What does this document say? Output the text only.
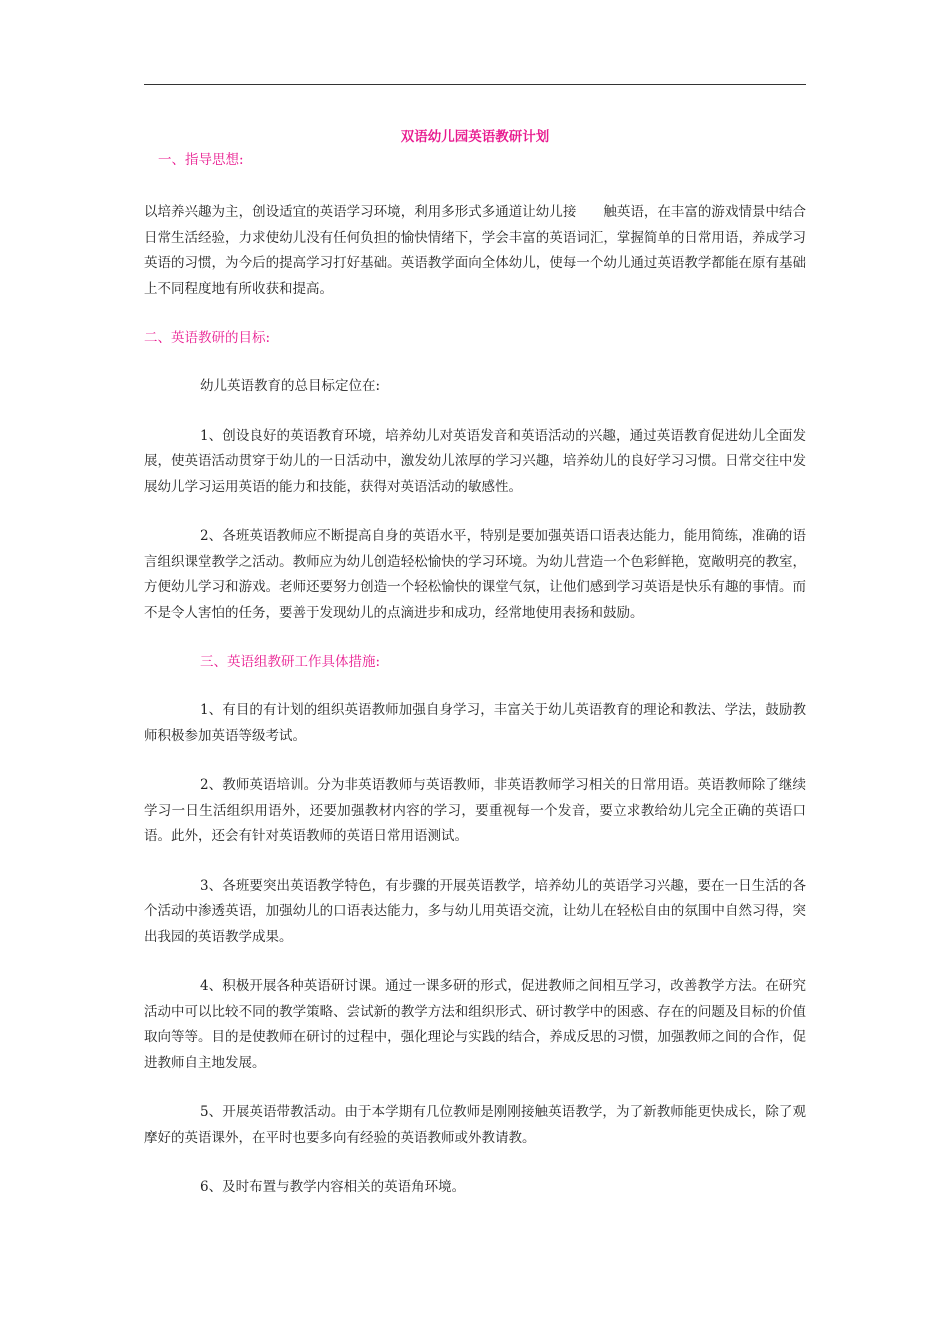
双语幼儿园英语教研计划
一、指导思想:

以培养兴趣为主，创设适宜的英语学习环境，利用多形式多通道让幼儿接　　触英语，在丰富的游戏情景中结合日常生活经验，力求使幼儿没有任何负担的愉快情绪下，学会丰富的英语词汇，掌握简单的日常用语，养成学习英语的习惯，为今后的提高学习打好基础。英语教学面向全体幼儿，使每一个幼儿通过英语教学都能在原有基础上不同程度地有所收获和提高。

二、英语教研的目标:

幼儿英语教育的总目标定位在:

1、创设良好的英语教育环境，培养幼儿对英语发音和英语活动的兴趣，通过英语教育促进幼儿全面发展，使英语活动贯穿于幼儿的一日活动中，激发幼儿浓厚的学习兴趣，培养幼儿的良好学习习惯。日常交往中发展幼儿学习运用英语的能力和技能，获得对英语活动的敏感性。

2、各班英语教师应不断提高自身的英语水平，特别是要加强英语口语表达能力，能用简练，准确的语言组织课堂教学之活动。教师应为幼儿创造轻松愉快的学习环境。为幼儿营造一个色彩鲜艳，宽敞明亮的教室，方便幼儿学习和游戏。老师还要努力创造一个轻松愉快的课堂气氛，让他们感到学习英语是快乐有趣的事情。而不是令人害怕的任务，要善于发现幼儿的点滴进步和成功，经常地使用表扬和鼓励。

三、英语组教研工作具体措施:

1、有目的有计划的组织英语教师加强自身学习，丰富关于幼儿英语教育的理论和教法、学法，鼓励教师积极参加英语等级考试。

2、教师英语培训。分为非英语教师与英语教师，非英语教师学习相关的日常用语。英语教师除了继续学习一日生活组织用语外，还要加强教材内容的学习，要重视每一个发音，要立求教给幼儿完全正确的英语口语。此外，还会有针对英语教师的英语日常用语测试。

3、各班要突出英语教学特色，有步骤的开展英语教学，培养幼儿的英语学习兴趣，要在一日生活的各个活动中渗透英语，加强幼儿的口语表达能力，多与幼儿用英语交流，让幼儿在轻松自由的氛围中自然习得，突出我园的英语教学成果。

4、积极开展各种英语研讨课。通过一课多研的形式，促进教师之间相互学习，改善教学方法。在研究活动中可以比较不同的教学策略、尝试新的教学方法和组织形式、研讨教学中的困惑、存在的问题及目标的价值取向等等。目的是使教师在研讨的过程中，强化理论与实践的结合，养成反思的习惯，加强教师之间的合作，促进教师自主地发展。

5、开展英语带教活动。由于本学期有几位教师是刚刚接触英语教学，为了新教师能更快成长，除了观摩好的英语课外，在平时也要多向有经验的英语教师或外教请教。

6、及时布置与教学内容相关的英语角环境。
